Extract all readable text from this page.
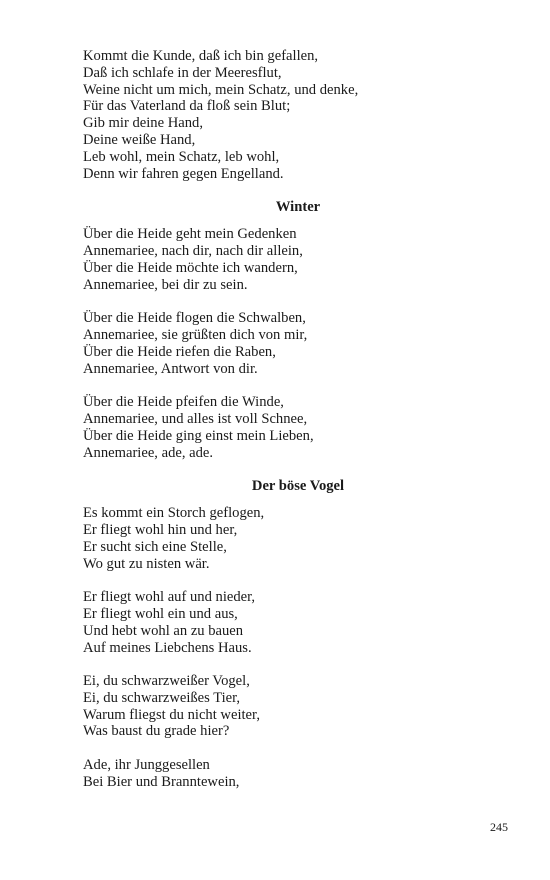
Kommt die Kunde, daß ich bin gefallen,
Daß ich schlafe in der Meeresflut,
Weine nicht um mich, mein Schatz, und denke,
Für das Vaterland da floß sein Blut;
Gib mir deine Hand,
Deine weiße Hand,
Leb wohl, mein Schatz, leb wohl,
Denn wir fahren gegen Engelland.
Winter
Über die Heide geht mein Gedenken
Annemariee, nach dir, nach dir allein,
Über die Heide möchte ich wandern,
Annemariee, bei dir zu sein.
Über die Heide flogen die Schwalben,
Annemariee, sie grüßten dich von mir,
Über die Heide riefen die Raben,
Annemariee, Antwort von dir.
Über die Heide pfeifen die Winde,
Annemariee, und alles ist voll Schnee,
Über die Heide ging einst mein Lieben,
Annemariee, ade, ade.
Der böse Vogel
Es kommt ein Storch geflogen,
Er fliegt wohl hin und her,
Er sucht sich eine Stelle,
Wo gut zu nisten wär.
Er fliegt wohl auf und nieder,
Er fliegt wohl ein und aus,
Und hebt wohl an zu bauen
Auf meines Liebchens Haus.
Ei, du schwarzweißer Vogel,
Ei, du schwarzweißes Tier,
Warum fliegst du nicht weiter,
Was baust du grade hier?
Ade, ihr Junggesellen
Bei Bier und Branntewein,
245
